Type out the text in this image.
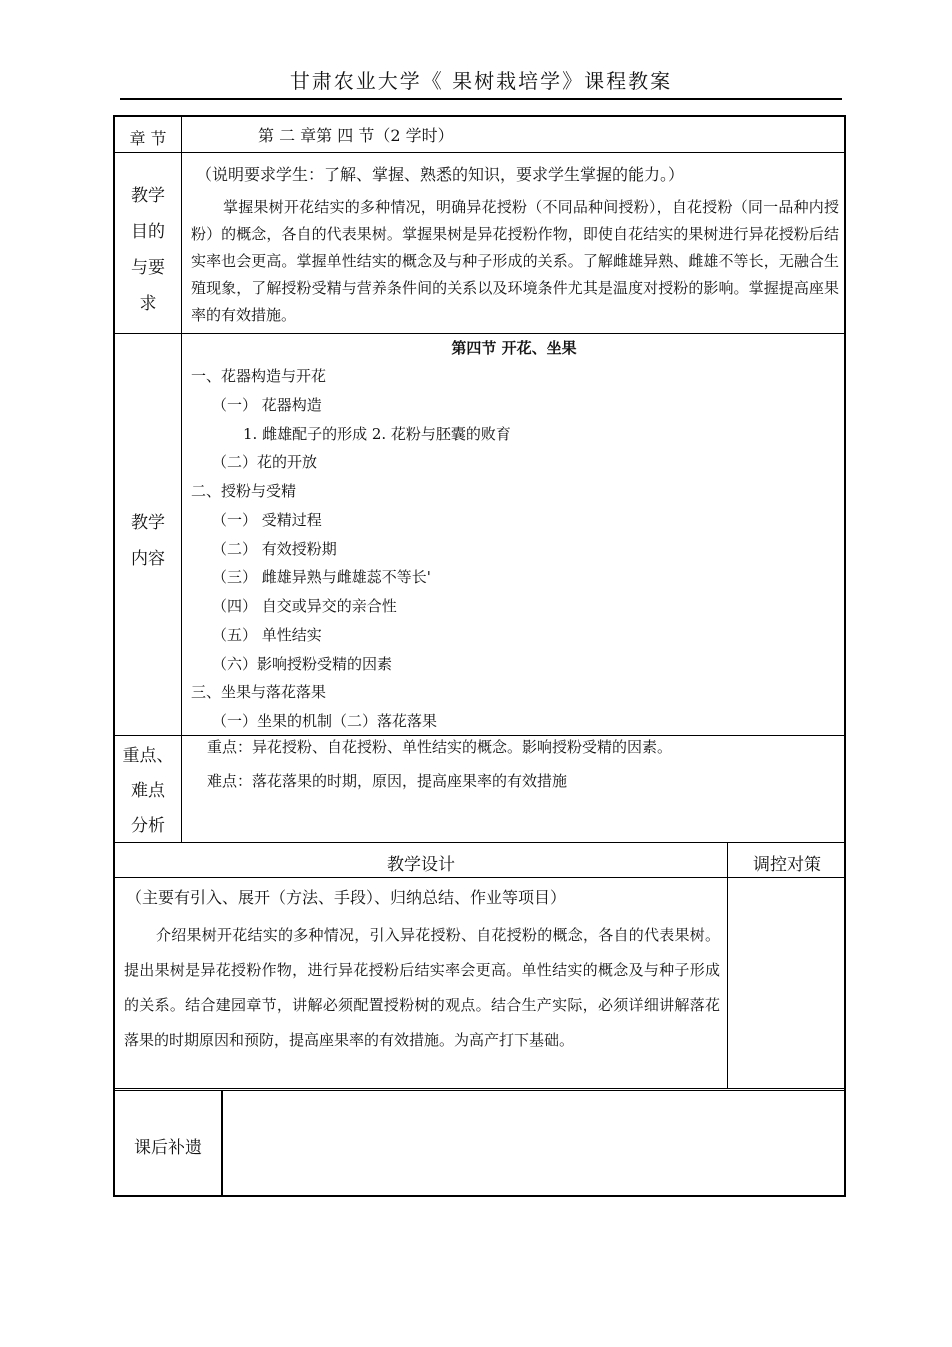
甘肃农业大学《 果树栽培学》课程教案
章 节	第 二 章第 四 节（2 学时）
教学
目的
与要
求
（说明要求学生：了解、掌握、熟悉的知识，要求学生掌握的能力。）
掌握果树开花结实的多种情况，明确异花授粉（不同品种间授粉），自花授粉（同一品种内授粉）的概念，各自的代表果树。掌握果树是异花授粉作物，即使自花结实的果树进行异花授粉后结实率也会更高。掌握单性结实的概念及与种子形成的关系。了解雌雄异熟、雌雄不等长，无融合生殖现象，了解授粉受精与营养条件间的关系以及环境条件尤其是温度对授粉的影响。掌握提高座果率的有效措施。
教学
内容
第四节 开花、坐果
一、花器构造与开花
（一） 花器构造
1. 雌雄配子的形成 2. 花粉与胚囊的败育
（二）花的开放
二、授粉与受精
（一） 受精过程
（二） 有效授粉期
（三） 雌雄异熟与雌雄蕊不等长'
（四） 自交或异交的亲合性
（五） 单性结实
（六）影响授粉受精的因素
三、坐果与落花落果
（一）坐果的机制（二）落花落果
重点、
难点
分析
重点：异花授粉、自花授粉、单性结实的概念。影响授粉受精的因素。
难点：落花落果的时期，原因，提高座果率的有效措施
教学设计	调控对策
（主要有引入、展开（方法、手段）、归纳总结、作业等项目）
介绍果树开花结实的多种情况，引入异花授粉、自花授粉的概念，各自的代表果树。提出果树是异花授粉作物，进行异花授粉后结实率会更高。单性结实的概念及与种子形成的关系。结合建园章节，讲解必须配置授粉树的观点。结合生产实际，必须详细讲解落花落果的时期原因和预防，提高座果率的有效措施。为高产打下基础。
课后补遗
